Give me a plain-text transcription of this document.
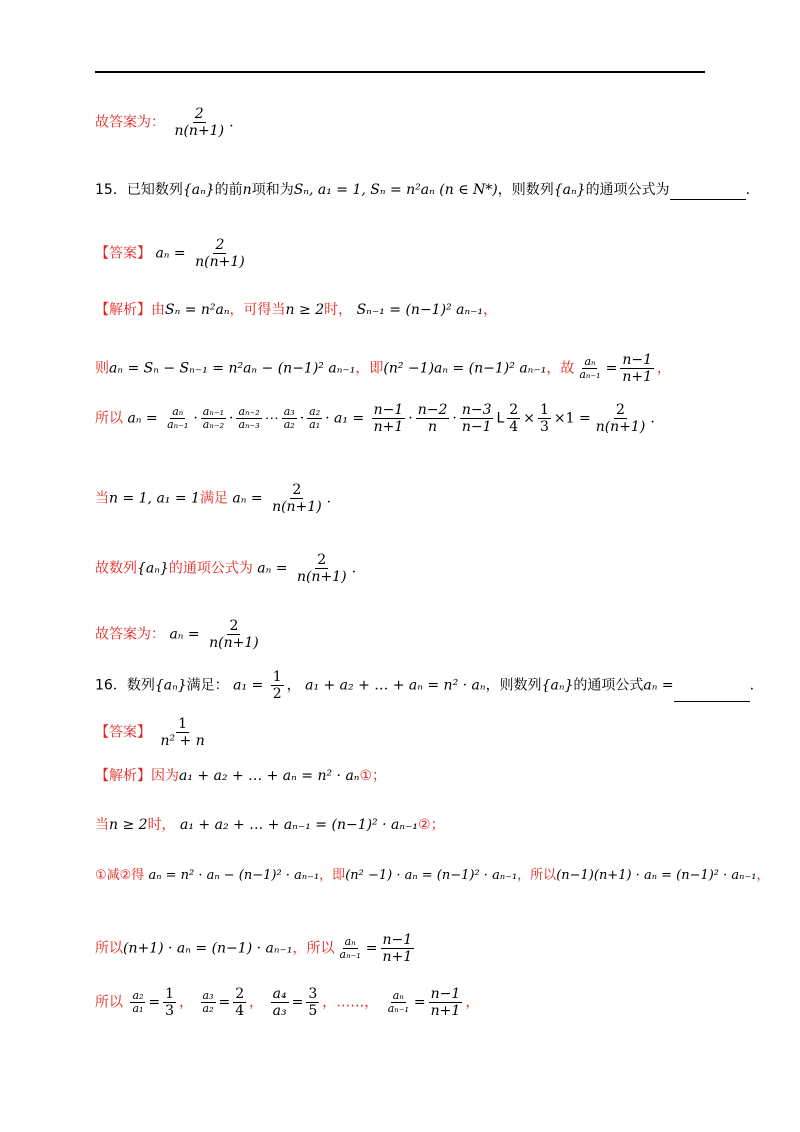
故答案为： $\frac{2}{n(n+1)}$ .
15．已知数列{aₙ}的前n项和为Sₙ, a₁ = 1, Sₙ = n²aₙ (n ∈ N*)，则数列{aₙ}的通项公式为	.
【答案】 $a_n = \frac{2}{n(n+1)}$
【解析】由Sₙ = n²aₙ，可得当n ≥ 2时， Sₙ₋₁ = (n−1)² aₙ₋₁，
则aₙ = Sₙ − Sₙ₋₁ = n²aₙ − (n−1)² aₙ₋₁，即(n² −1)aₙ = (n−1)² aₙ₋₁，故 $\frac{\text{aₙ}}{\text{aₙ₋₁}} = \frac{n-1}{n+1}$ ，
所以 $a_n = \frac{\text{aₙ}}{\text{aₙ₋₁}} \cdot \frac{\text{aₙ₋₁}}{\text{aₙ₋₂}} \cdot \frac{\text{aₙ₋₂}}{\text{aₙ₋₃}}$ ⋯ $\frac{\text{a₃}}{\text{a₂}} \cdot \frac{\text{a₂}}{\text{a₁}} \cdot a_1 = \frac{n-1}{n+1} \cdot \frac{n-2}{n} \cdot \frac{n-3}{n-1}$ L $\frac{2}{4} \times \frac{1}{3} \times 1 = \frac{2}{n(n+1)}$ .
当n = 1, a₁ = 1满足 $a_n = \frac{2}{n(n+1)}$ .
故数列{aₙ}的通项公式为 $a_n = \frac{2}{n(n+1)}$ .
故答案为： $a_n = \frac{2}{n(n+1)}$
16．数列{aₙ}满足： $a_1 = \frac{1}{2}$ ， a₁ + a₂ + … + aₙ = n² · aₙ，则数列{aₙ}的通项公式aₙ =	.
【答案】 $\frac{1}{\text{n² + n}}$
【解析】因为a₁ + a₂ + … + aₙ = n² · aₙ①；
当n ≥ 2时， a₁ + a₂ + … + aₙ₋₁ = (n−1)² · aₙ₋₁②；
①减②得 aₙ = n² · aₙ − (n−1)² · aₙ₋₁，即(n² −1) · aₙ = (n−1)² · aₙ₋₁，所以(n−1)(n+1) · aₙ = (n−1)² · aₙ₋₁，
所以(n+1) · aₙ = (n−1) · aₙ₋₁，所以 $\frac{\text{aₙ}}{\text{aₙ₋₁}} = \frac{n-1}{n+1}$
所以 $\frac{\text{a₂}}{\text{a₁}} = \frac{1}{3}$ ， $\frac{\text{a₃}}{\text{a₂}} = \frac{2}{4}$ ， $\frac{\text{a₄}}{\text{a₃}} = \frac{3}{5}$ ，……， $\frac{\text{aₙ}}{\text{aₙ₋₁}} = \frac{n-1}{n+1}$ ，
